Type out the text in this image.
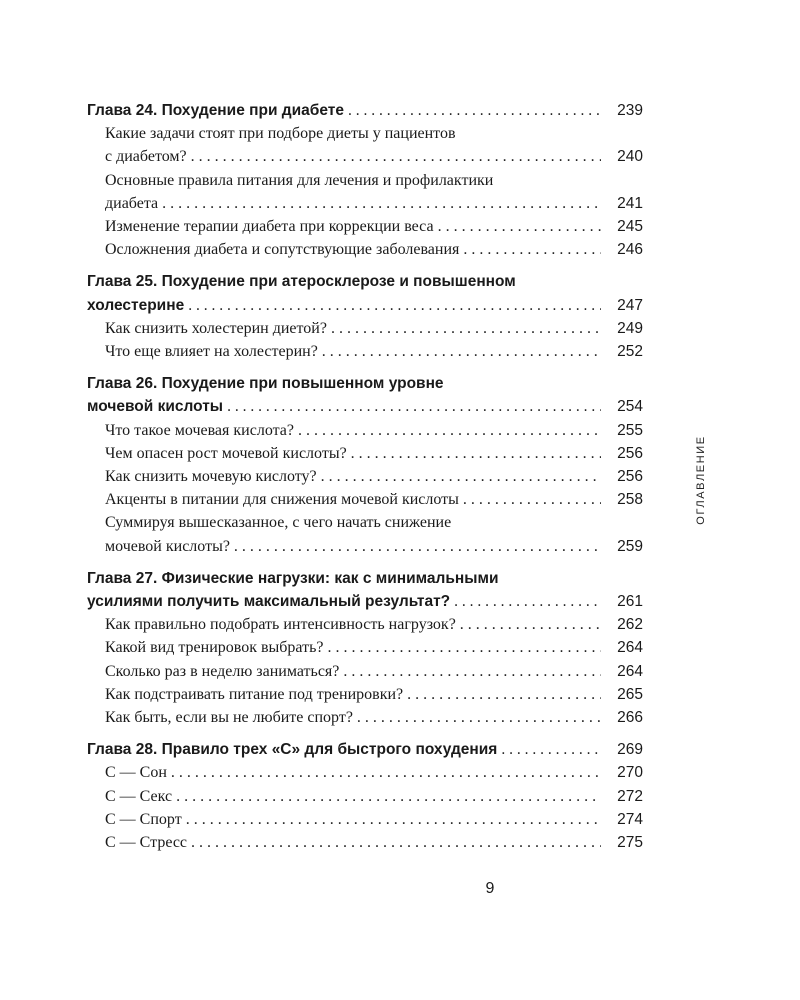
Глава 24. Похудение при диабете . . .	239
Какие задачи стоят при подборе диеты у пациентов
с диабетом? . . .	240
Основные правила питания для лечения и профилактики
диабета . . .	241
Изменение терапии диабета при коррекции веса . . .	245
Осложнения диабета и сопутствующие заболевания . . .	246
Глава 25. Похудение при атеросклерозе и повышенном
холестерине . . .	247
Как снизить холестерин диетой? . . .	249
Что еще влияет на холестерин? . . .	252
Глава 26. Похудение при повышенном уровне
мочевой кислоты . . .	254
Что такое мочевая кислота? . . .	255
Чем опасен рост мочевой кислоты? . . .	256
Как снизить мочевую кислоту? . . .	256
Акценты в питании для снижения мочевой кислоты . . .	258
Суммируя вышесказанное, с чего начать снижение
мочевой кислоты? . . .	259
Глава 27. Физические нагрузки: как с минимальными
усилиями получить максимальный результат? . . .	261
Как правильно подобрать интенсивность нагрузок? . . .	262
Какой вид тренировок выбрать? . . .	264
Сколько раз в неделю заниматься? . . .	264
Как подстраивать питание под тренировки? . . .	265
Как быть, если вы не любите спорт? . . .	266
Глава 28. Правило трех «С» для быстрого похудения . . .	269
С — Сон . . .	270
С — Секс . . .	272
С — Спорт . . .	274
С — Стресс . . .	275
9
ОГЛАВЛЕНИЕ
